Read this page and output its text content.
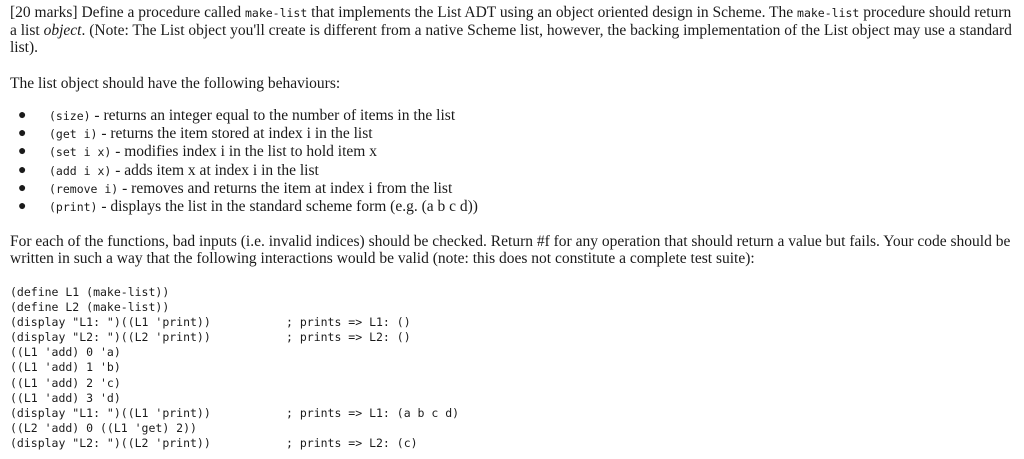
[20 marks] Define a procedure called make-list that implements the List ADT using an object oriented design in Scheme. The make-list procedure should return a list object. (Note: The List object you'll create is different from a native Scheme list, however, the backing implementation of the List object may use a standard list).

The list object should have the following behaviours:

● (size) - returns an integer equal to the number of items in the list
● (get i) - returns the item stored at index i in the list
● (set i x) - modifies index i in the list to hold item x
● (add i x) - adds item x at index i in the list
● (remove i) - removes and returns the item at index i from the list
● (print) - displays the list in the standard scheme form (e.g. (a b c d))

For each of the functions, bad inputs (i.e. invalid indices) should be checked. Return #f for any operation that should return a value but fails. Your code should be written in such a way that the following interactions would be valid (note: this does not constitute a complete test suite):

(define L1 (make-list))
(define L2 (make-list))
(display "L1: ")((L1 'print))	; prints => L1: ()
(display "L2: ")((L2 'print))	; prints => L2: ()
((L1 'add) 0 'a)
((L1 'add) 1 'b)
((L1 'add) 2 'c)
((L1 'add) 3 'd)
(display "L1: ")((L1 'print))	; prints => L1: (a b c d)
((L2 'add) 0 ((L1 'get) 2))
(display "L2: ")((L2 'print))	; prints => L2: (c)
